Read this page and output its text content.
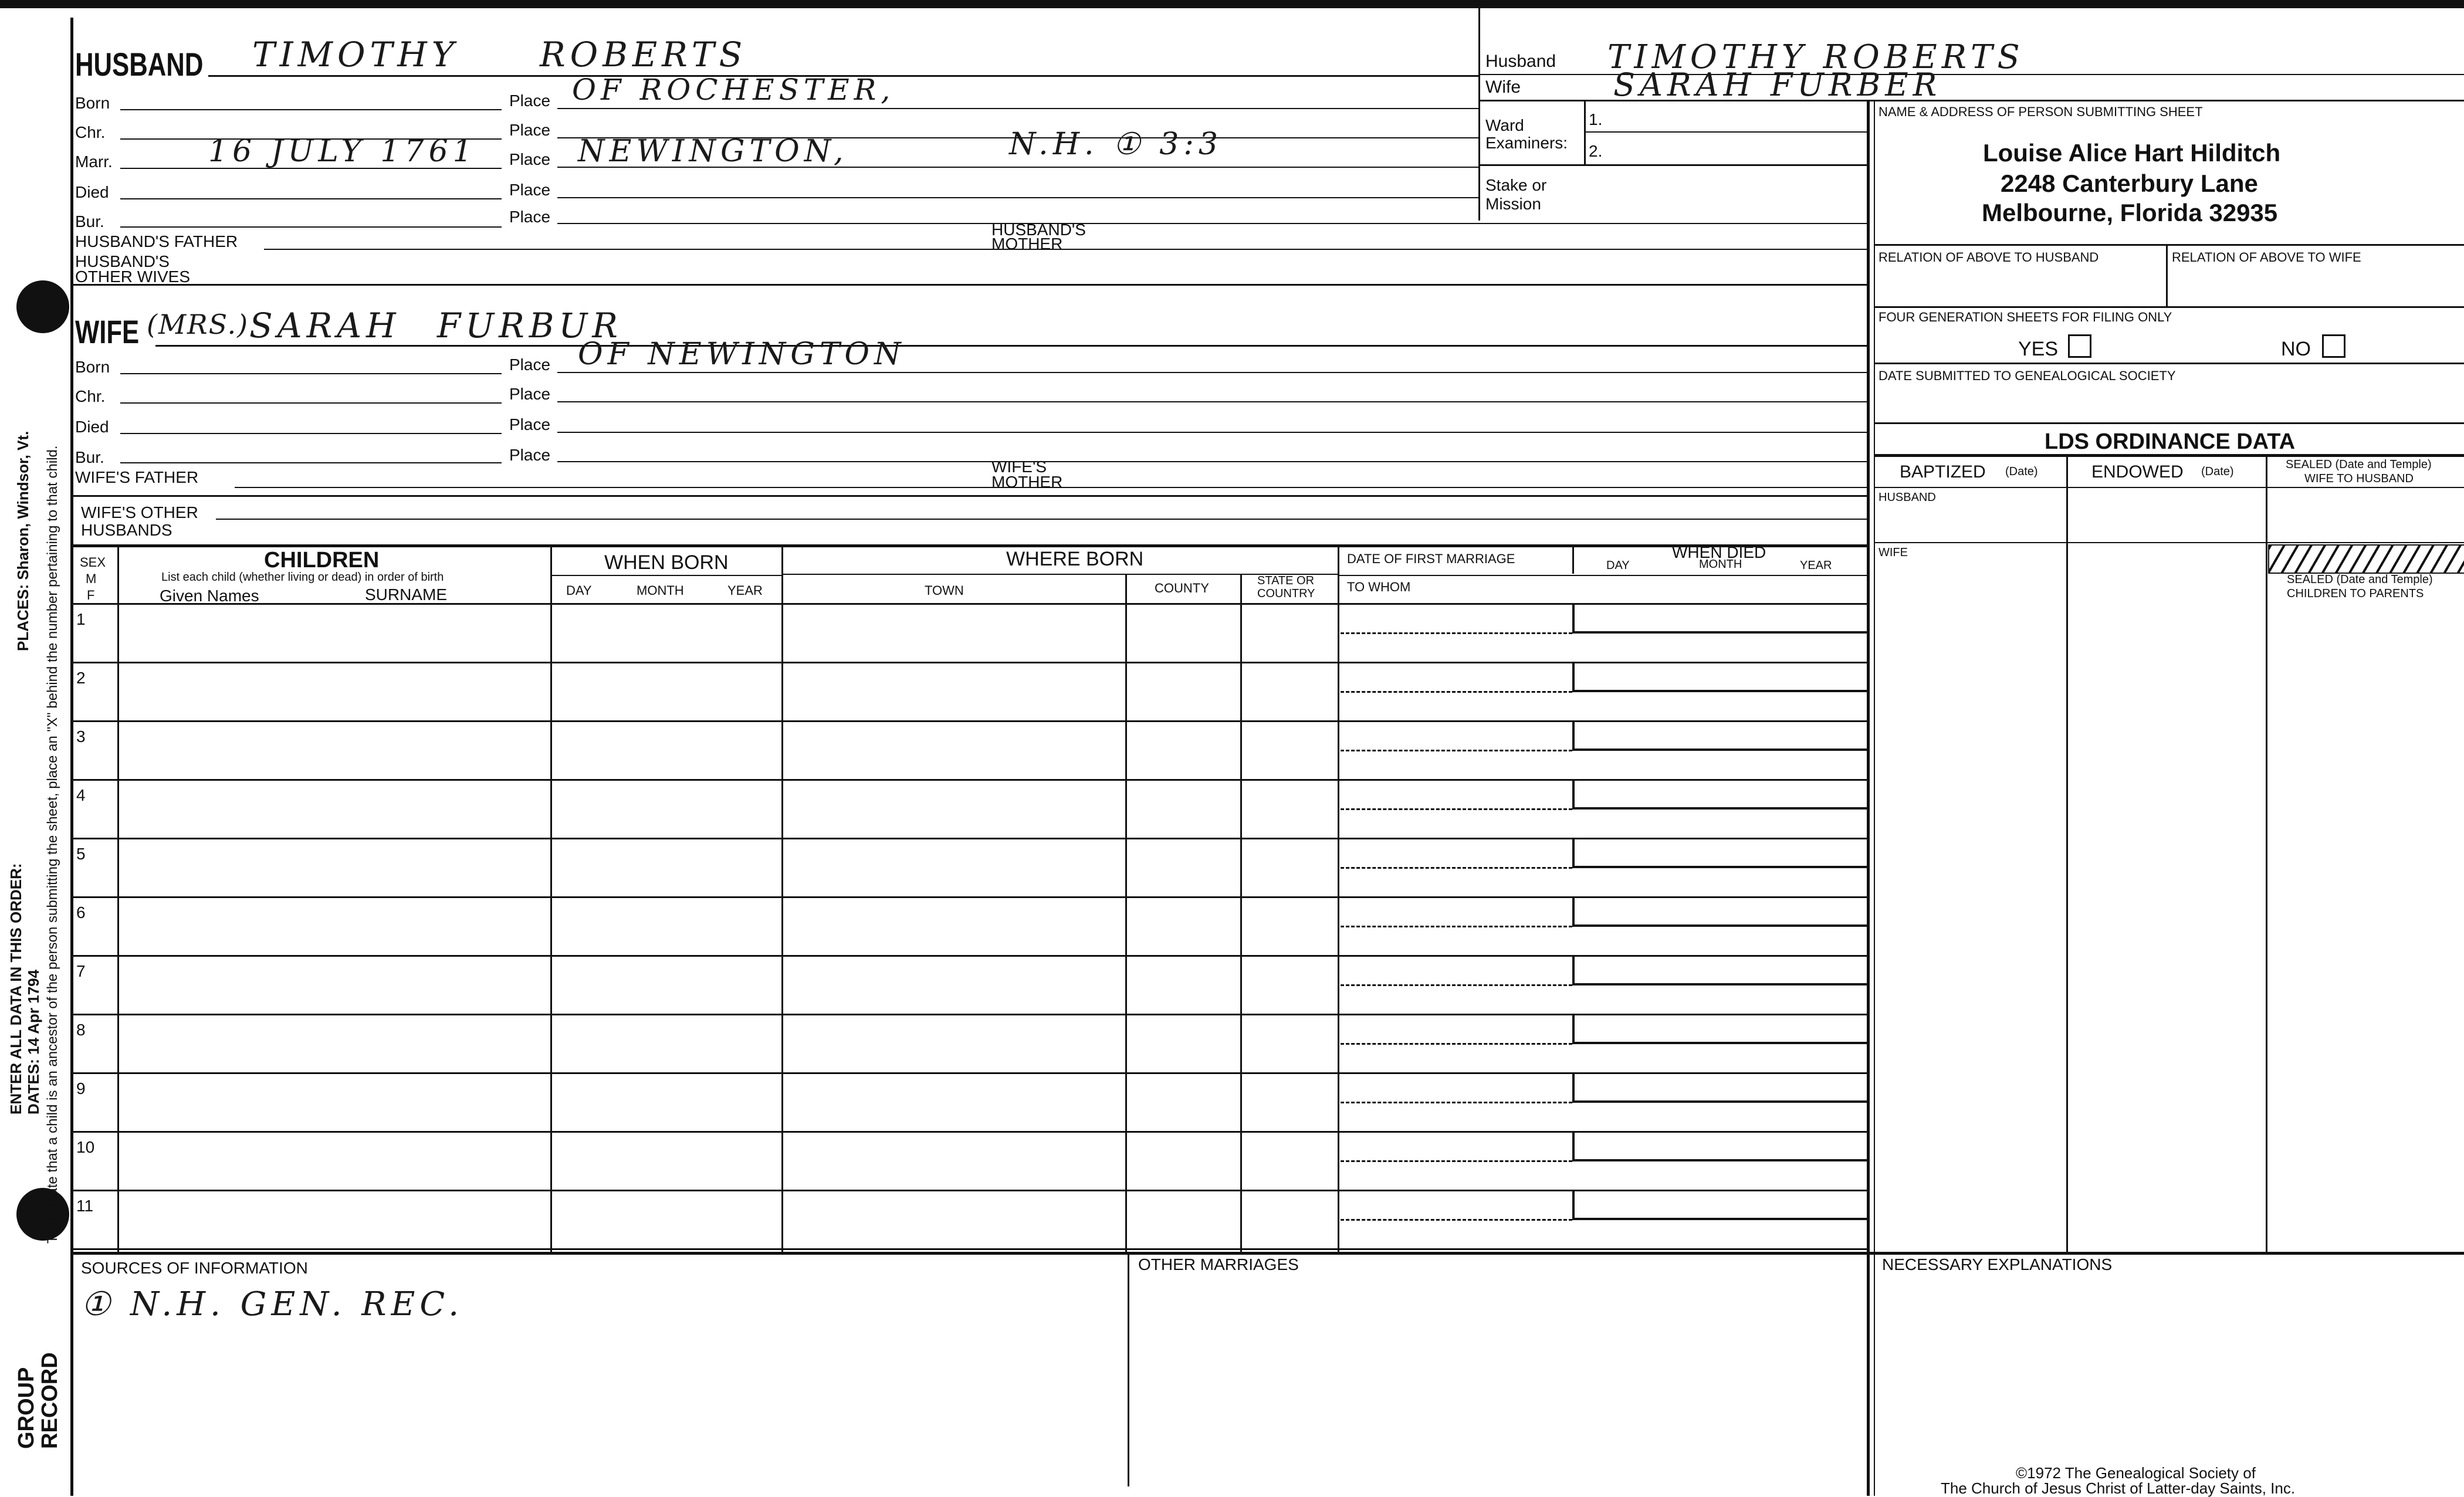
To indicate that a child is an ancestor of the person submitting the sheet, place an "X" behind the number pertaining to that child.
PLACES: Sharon, Windsor, Vt.
DATES: 14 Apr 1794
ENTER ALL DATA IN THIS ORDER:
GROUP
RECORD
HUSBAND TIMOTHY ROBERTS
Born	Place OF ROCHESTER,
Chr.	Place
Marr.	16 JULY 1761 Place NEWINGTON,	N.H. ① 3:3
Died	Place
Bur.	Place
HUSBAND'S FATHER
HUSBAND'S
MOTHER
HUSBAND'S
OTHER WIVES
WIFE (MRS.) SARAH FURBUR
Born	Place OF NEWINGTON
Chr.	Place
Died	Place
Bur.	Place
WIFE'S FATHER
WIFE'S
MOTHER
WIFE'S OTHER
HUSBANDS
Husband TIMOTHY ROBERTS
Wife	SARAH FURBER
Ward
Examiners:
1.
2.
Stake or
Mission
NAME & ADDRESS OF PERSON SUBMITTING SHEET
Louise Alice Hart Hilditch
2248 Canterbury Lane
Melbourne, Florida 32935
RELATION OF ABOVE TO HUSBAND	RELATION OF ABOVE TO WIFE
FOUR GENERATION SHEETS FOR FILING ONLY
YES	NO
DATE SUBMITTED TO GENEALOGICAL SOCIETY
LDS ORDINANCE DATA
BAPTIZED (Date)	ENDOWED (Date)
SEALED (Date and Temple)
WIFE TO HUSBAND
HUSBAND
WIFE
SEALED (Date and Temple)
CHILDREN TO PARENTS
SEX
M
F
CHILDREN
List each child (whether living or dead) in order of birth
Given Names	SURNAME
WHEN BORN
DAY	MONTH	YEAR
WHERE BORN
TOWN	COUNTY	STATE OR
COUNTRY
DATE OF FIRST MARRIAGE
TO WHOM
WHEN DIED
DAY	MONTH	YEAR
1
2
3
4
5
6
7
8
9
10
11
SOURCES OF INFORMATION
① N.H. GEN. REC.
OTHER MARRIAGES	NECESSARY EXPLANATIONS
©1972 The Genealogical Society of
The Church of Jesus Christ of Latter-day Saints, Inc.
